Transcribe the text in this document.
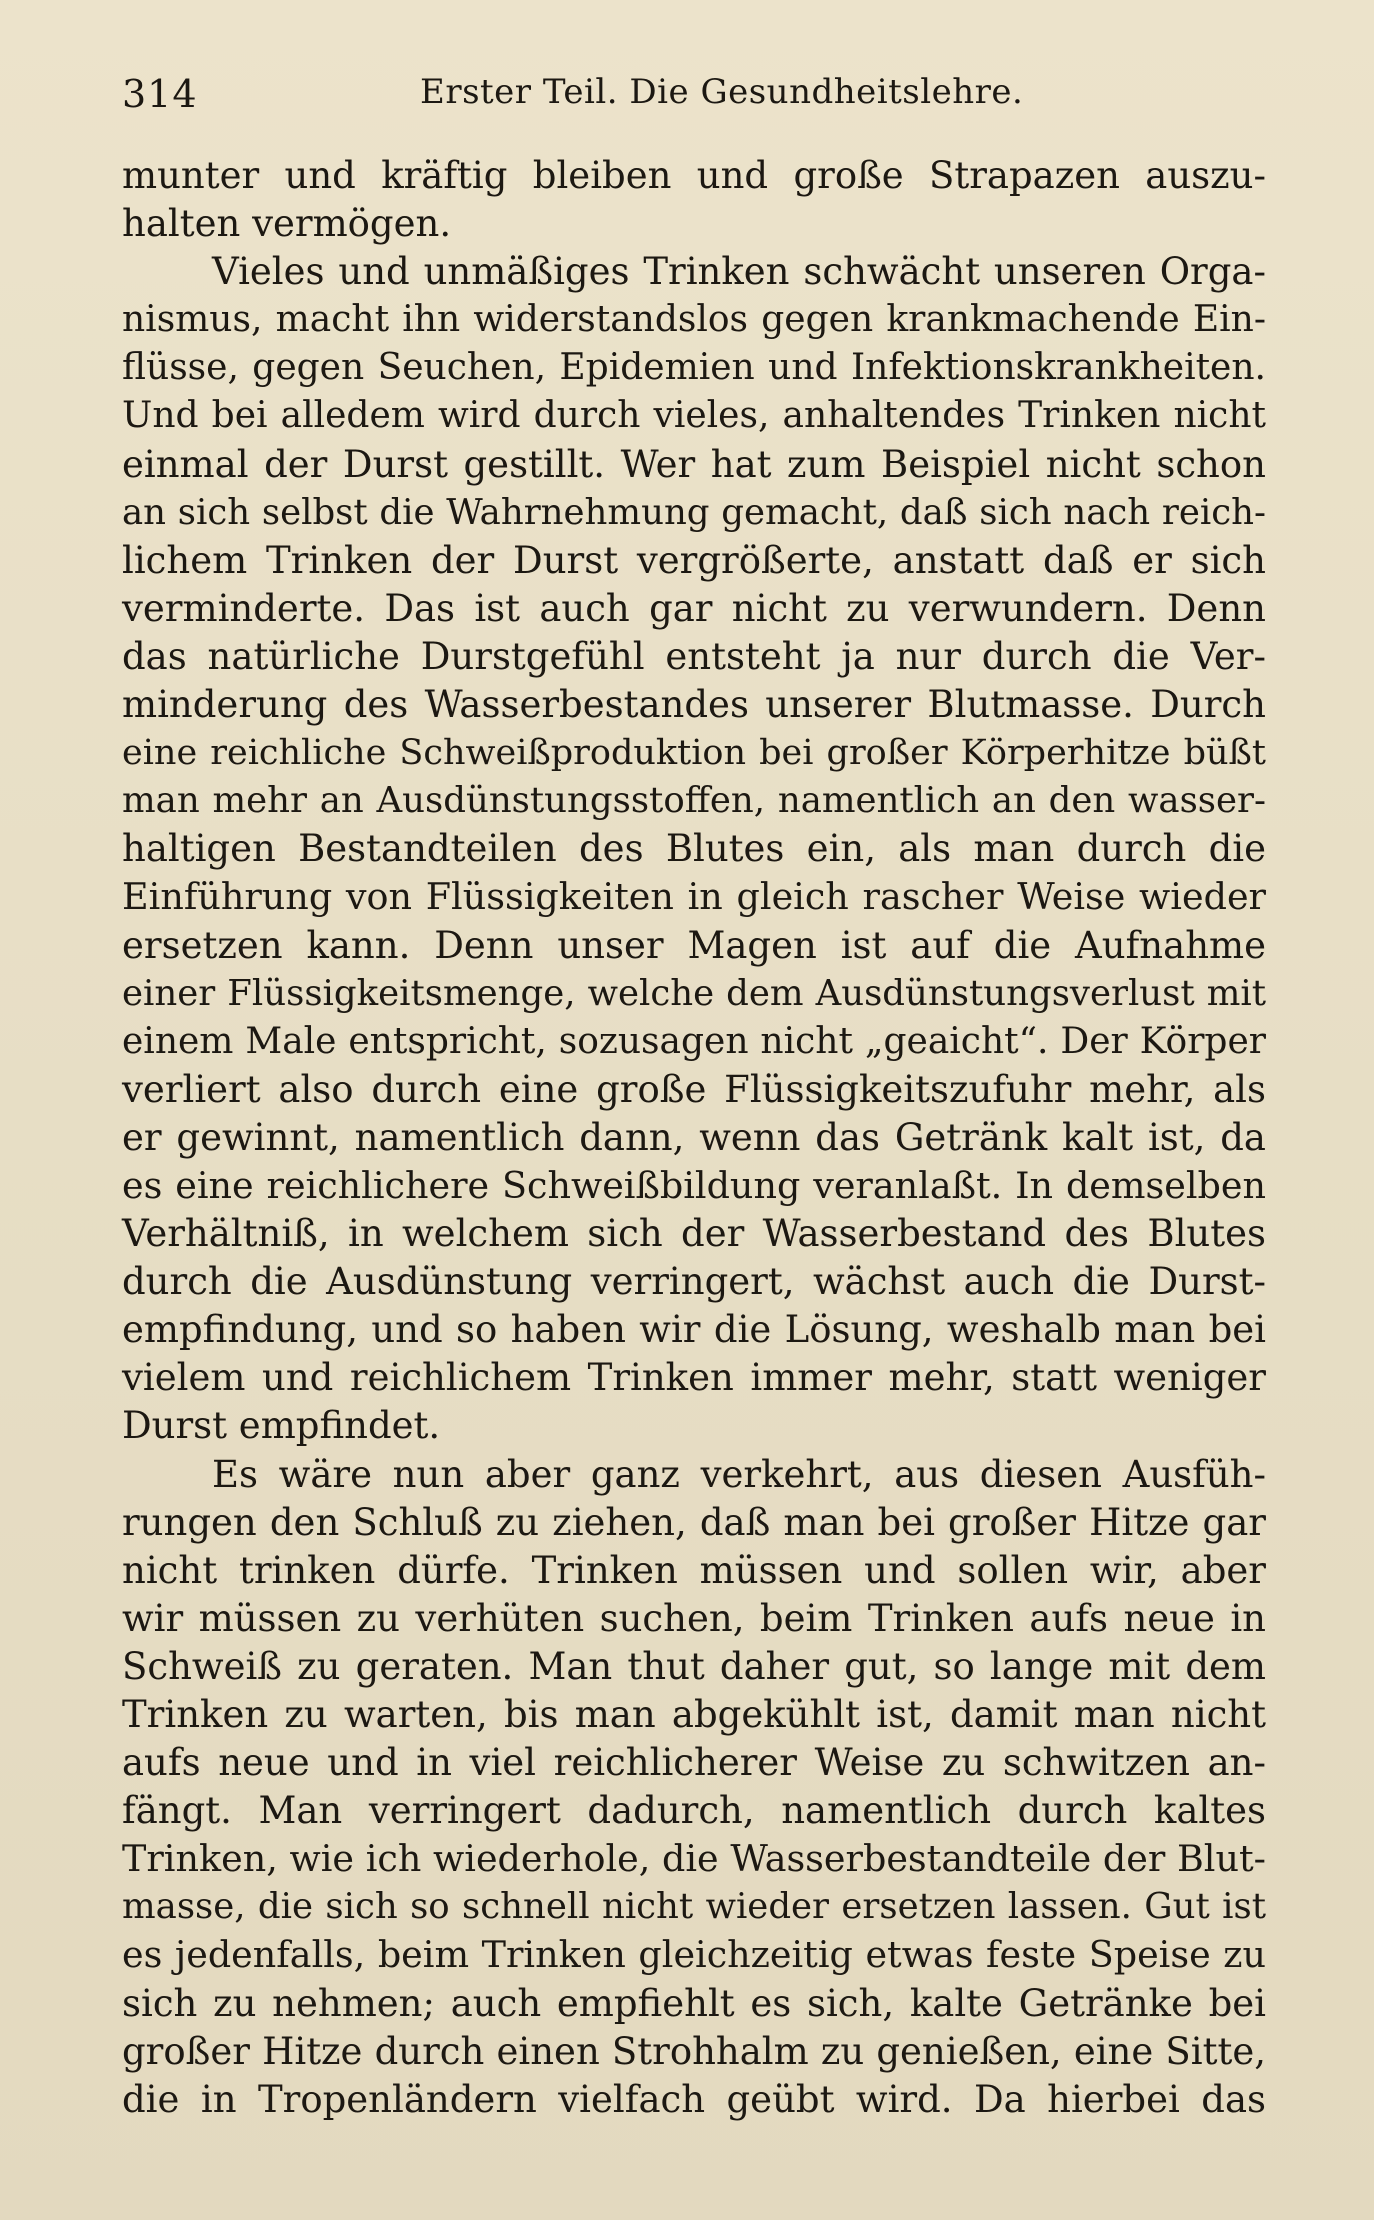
314	Erster Teil. Die Gesundheitslehre.
munter und kräftig bleiben und große Strapazen auszu-
halten vermögen.
Vieles und unmäßiges Trinken schwächt unseren Orga-
nismus, macht ihn widerstandslos gegen krankmachende Ein-
flüsse, gegen Seuchen, Epidemien und Infektionskrankheiten.
Und bei alledem wird durch vieles, anhaltendes Trinken nicht
einmal der Durst gestillt. Wer hat zum Beispiel nicht schon
an sich selbst die Wahrnehmung gemacht, daß sich nach reich-
lichem Trinken der Durst vergrößerte, anstatt daß er sich
verminderte. Das ist auch gar nicht zu verwundern. Denn
das natürliche Durstgefühl entsteht ja nur durch die Ver-
minderung des Wasserbestandes unserer Blutmasse. Durch
eine reichliche Schweißproduktion bei großer Körperhitze büßt
man mehr an Ausdünstungsstoffen, namentlich an den wasser-
haltigen Bestandteilen des Blutes ein, als man durch die
Einführung von Flüssigkeiten in gleich rascher Weise wieder
ersetzen kann. Denn unser Magen ist auf die Aufnahme
einer Flüssigkeitsmenge, welche dem Ausdünstungsverlust mit
einem Male entspricht, sozusagen nicht „geaicht“. Der Körper
verliert also durch eine große Flüssigkeitszufuhr mehr, als
er gewinnt, namentlich dann, wenn das Getränk kalt ist, da
es eine reichlichere Schweißbildung veranlaßt. In demselben
Verhältniß, in welchem sich der Wasserbestand des Blutes
durch die Ausdünstung verringert, wächst auch die Durst-
empfindung, und so haben wir die Lösung, weshalb man bei
vielem und reichlichem Trinken immer mehr, statt weniger
Durst empfindet.
Es wäre nun aber ganz verkehrt, aus diesen Ausfüh-
rungen den Schluß zu ziehen, daß man bei großer Hitze gar
nicht trinken dürfe. Trinken müssen und sollen wir, aber
wir müssen zu verhüten suchen, beim Trinken aufs neue in
Schweiß zu geraten. Man thut daher gut, so lange mit dem
Trinken zu warten, bis man abgekühlt ist, damit man nicht
aufs neue und in viel reichlicherer Weise zu schwitzen an-
fängt. Man verringert dadurch, namentlich durch kaltes
Trinken, wie ich wiederhole, die Wasserbestandteile der Blut-
masse, die sich so schnell nicht wieder ersetzen lassen. Gut ist
es jedenfalls, beim Trinken gleichzeitig etwas feste Speise zu
sich zu nehmen; auch empfiehlt es sich, kalte Getränke bei
großer Hitze durch einen Strohhalm zu genießen, eine Sitte,
die in Tropenländern vielfach geübt wird. Da hierbei das
